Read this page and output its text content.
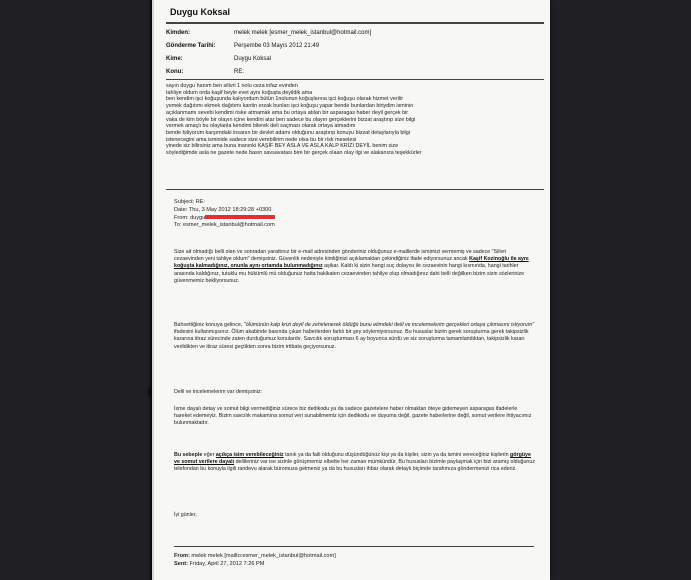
Duygu Koksal
Kimden:	melek melek [esmer_melek_istanbul@hotmail.com]
Gönderme Tarihi:	Perşembe 03 Mayıs 2012 21:49
Kime:	Duygu Koksal
Konu:	RE:

sayın duygu hanım ben silivri 1 nolu ceza infaz evinden

tahliye oldum orda kaşif beyle evet aynı koğuşta deyildik ama

ben kendim işci koğuşunda kalıyordum bütün 1nolunun koğuşlarına işci koğuşu olarak hizmet verilir

yemek dağıtımı ekmek dağıtımı kantin erzak bunları işci koğuşu yapar bende bunlardan biriydim isminin

açıklanmamı sevebi kendimi riske atmamak ama bu ortaya atılan bir asparagas haber deyil gerçek bir

vaka de kim böyle bir olayın içine kendini atar ben sadece bu olayın gerçeklerini bizzat araştırıp size bilgi

vermek amaçlı bu olaylanla kendimi bilerek deli saçması olarak ortaya atmadım

bende biliyorum karşımdaki insanın bir devlet adamı olduğunu araştırıp konuyu bizzat detaylarıyla bilgi

istenecegini ama isminide sadece size verebilirim nede olsa bu bir risk meselesi

yinede siz bilirsiniz ama buna inanınki KAŞİF BEY ASLA VE ASLA KALP KRİZİ DEYİL benim size

söylediğimde asla ne gazete nede basın savsavatası bire bir gerçek olaan olay ilgi ve alakanıza teşekkürler

Subject: RE:

Date: Thu, 3 May 2012 18:29:28 +0300

From: duygu

To: esmer_melek_istanbul@hotmail.com

Size ait olmadığı belli olan ve sonradan yarattınız bir e-mail adresinden gönderiniz olduğunuz e-maillerde ismimizi vermemiş ve sadece "Silivri cezaevinden yeni tahliye oldum" demişsiniz. Güvenlik nedeniyle kimliğinizi açıklamaktan çekindiğiniz ifade ediyorsunuz ancak Kaşif Kozinoğlu ile aynı koğuşta kalmadığınız, onunla aynı ortamda bulunmadığınız aşikar. Kaldı ki sizin hangi suç dolayısı ile cezaevinin hangi kısmında, hangi tarihler arasında kaldığınız, tutuklu mu hükümlü mü olduğunuz hatta hakikaten cezaevinden tahliye olup olmadığınız dahi belli değilken bizim sizin sözlerinize güvenmemiz bekliyorsunuz.

Bahsettiğiniz konuya gelince, "ölümünün kalp krizi deyil de zehirlenerek öldüğü bunu elimdeki delil ve incelemelerim gerçekleri ortaya çıkmasını istiyorum" ifadesini kullanmışsınız. Ölüm akabinde basında çıkan haberlerden farklı bir şey söylemiyorsunuz. Bu hususlar bizim gerek soruşturma gerek takipsizlik kararına itiraz sürecinde zaten durduğumuz konulardır. Savcılık soruşturması 6 ay boyunca sürdü ve siz soruşturma tamamlandıktan, takipsizlik kararı verildikten ve itiraz süresi geçtikten sonra bizim irtibata geçiyorsunuz.

Delil ve incelemelerim var demişsiniz:
İsme dayalı detay ve somut bilgi vermediğiniz sürece biz dedikodu ya da sadece gazetelere haber olmaktan öteye gidemeyen asparagas ifadelerle hareket edemeyiz. Bizim savcılık makamına somut veri sunabilmemiz için dedikodu ve duyuma değil, gazete haberlerine değil, somut verilere ihtiyacımız bulunmaktadır.

Bu sebeple eğer açıkça isim verebileceğiniz tanık ya da faili olduğunu düşündüğünüz kişi ya da kişiler, sizin ya da ismini vereceğiniz kişilerin görgüye ve somut verilere dayalı delilleriniz var ise sizinle görüşmemiz elbette her zaman mümkündür. Bu hususları bizimle paylaşmak için bizi aramış olduğunuz telefondan bu konuyla ilgili randevu alarak büromuza gelmeniz ya da bu hususları ihbar olarak detaylı biçimde tarafımıza göndermenizi rica ederiz.

İyi günler,

From: melek melek [mailto:esmer_melek_istanbul@hotmail.com]

Sent: Friday, April 27, 2012 7:26 PM
